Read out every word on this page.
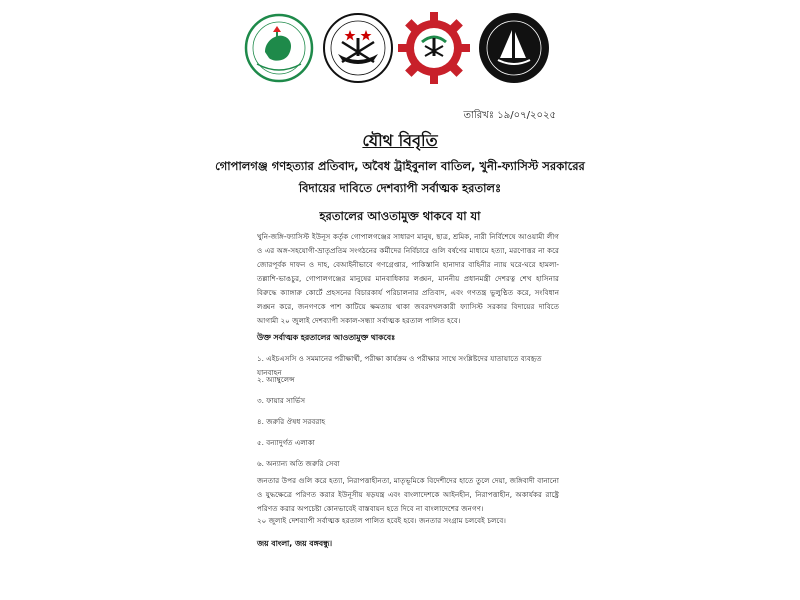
তারিখঃ ১৯/০৭/২০২৫
যৌথ বিবৃতি
গোপালগঞ্জ গণহত্যার প্রতিবাদ, অবৈধ ট্রাইবুনাল বাতিল, খুনী-ফ্যাসিস্ট সরকারের
বিদায়ের দাবিতে দেশব্যাপী সর্বাত্মক হরতালঃ
হরতালের আওতামুক্ত থাকবে যা যা
খুনি-জঙ্গি-ফ্যাসিস্ট ইউনূস কর্তৃক গোপালগঞ্জের সাধারণ মানুষ, ছাত্র, শ্রমিক, নারী নির্বিশেষে আওয়ামী লীগ ও এর অঙ্গ-সহযোগী-ভ্রাতৃপ্রতিম সংগঠনের কর্মীদের নির্বিচারে গুলি বর্ষণের মাধ্যমে হত্যা, মরণোত্তর না করে জোরপূর্বক দাফন ও দাহ, বেআইনীভাবে গণগ্রেপ্তার, পাকিস্তানি হানাদার বাহিনীর ন্যায় ঘরে-ঘরে হামলা-তল্লাশি-ভাঙচুর, গোপালগঞ্জের মানুষের মানবাধিকার লঙ্ঘন, মাননীয় প্রধানমন্ত্রী দেশরত্ন শেখ হাসিনার বিরুদ্ধে ক্যাঙ্গারু কোর্টে প্রহসনের বিচারকার্য পরিচালনার প্রতিবাদ, এবং গণতন্ত্র ভুলুণ্ঠিত করে, সংবিধান লঙ্ঘন করে, জনগণকে পাশ কাটিয়ে ক্ষমতায় থাকা জবরদখলকারী ফ্যাসিস্ট সরকার বিদায়ের দাবিতে আগামী ২০ জুলাই দেশব্যাপী সকাল-সন্ধ্যা সর্বাত্মক হরতাল পালিত হবে।
উক্ত সর্বাত্মক হরতালের আওতামুক্ত থাকবেঃ
১. এইচএসসি ও সমমানের পরীক্ষার্থী, পরীক্ষা কার্যক্রম ও পরীক্ষার সাথে সংশ্লিষ্টদের যাতায়াতে ব্যবহৃত যানবাহন
২. অ্যাম্বুলেন্স
৩. ফায়ার সার্ভিস
৪. জরুরি ঔষধ সরবরাহ
৫. বন্যাদুর্গত এলাকা
৬. অন্যান্য অতি জরুরি সেবা
জনতার উপর গুলি করে হত্যা, নিরাপত্তাহীনতা, মাতৃভূমিকে বিদেশীদের হাতে তুলে দেয়া, জঙ্গিবাদী বানানো ও যুদ্ধক্ষেত্রে পরিণত করার ইউনূসীয় ষড়যন্ত্র এবং বাংলাদেশকে আইনহীন, নিরাপত্তাহীন, অকার্যকর রাষ্ট্রে পরিণত করার অপচেষ্টা কোনভাবেই বাস্তবায়ন হতে দিবে না বাংলাদেশের জনগণ।
২০ জুলাই দেশব্যাপী সর্বাত্মক হরতাল পালিত হবেই হবে। জনতার সংগ্রাম চলবেই চলবে।
জয় বাংলা, জয় বঙ্গবন্ধু।
